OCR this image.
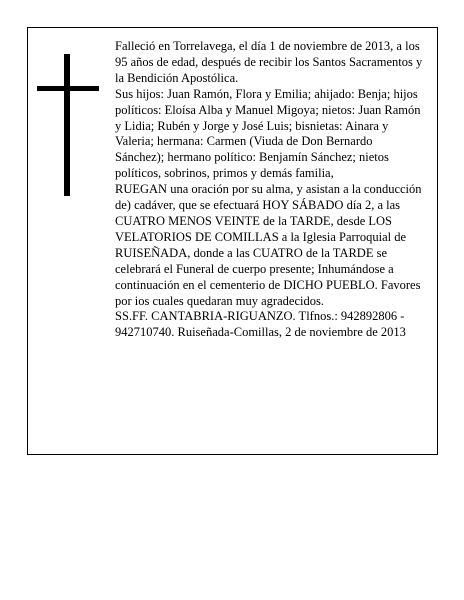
Falleció en Torrelavega, el día 1 de noviembre de 2013, a los 95 años de edad, después de recibir los Santos Sacramentos y la Bendición Apostólica.

Sus hijos: Juan Ramón, Flora y Emilia; ahijado: Benja; hijos políticos: Eloísa Alba y Manuel Migoya; nietos: Juan Ramón y Lidia; Rubén y Jorge y José Luis; bisnietas: Ainara y Valeria; hermana: Carmen (Viuda de Don Bernardo Sánchez); hermano político: Benjamín Sánchez; nietos políticos, sobrinos, primos y demás familia,

RUEGAN una oración por su alma, y asistan a la conducción de) cadáver, que se efectuará HOY SÁBADO día 2, a las CUATRO MENOS VEINTE de la TARDE, desde LOS VELATORIOS DE COMILLAS a la Iglesia Parroquial de RUISEÑADA, donde a las CUATRO de la TARDE se celebrará el Funeral de cuerpo presente; Inhumándose a continuación en el cementerio de DICHO PUEBLO. Favores por ios cuales quedaran muy agradecidos.

SS.FF. CANTABRIA-RIGUANZO. Tlfnos.: 942892806 - 942710740. Ruiseñada-Comillas, 2 de noviembre de 2013
